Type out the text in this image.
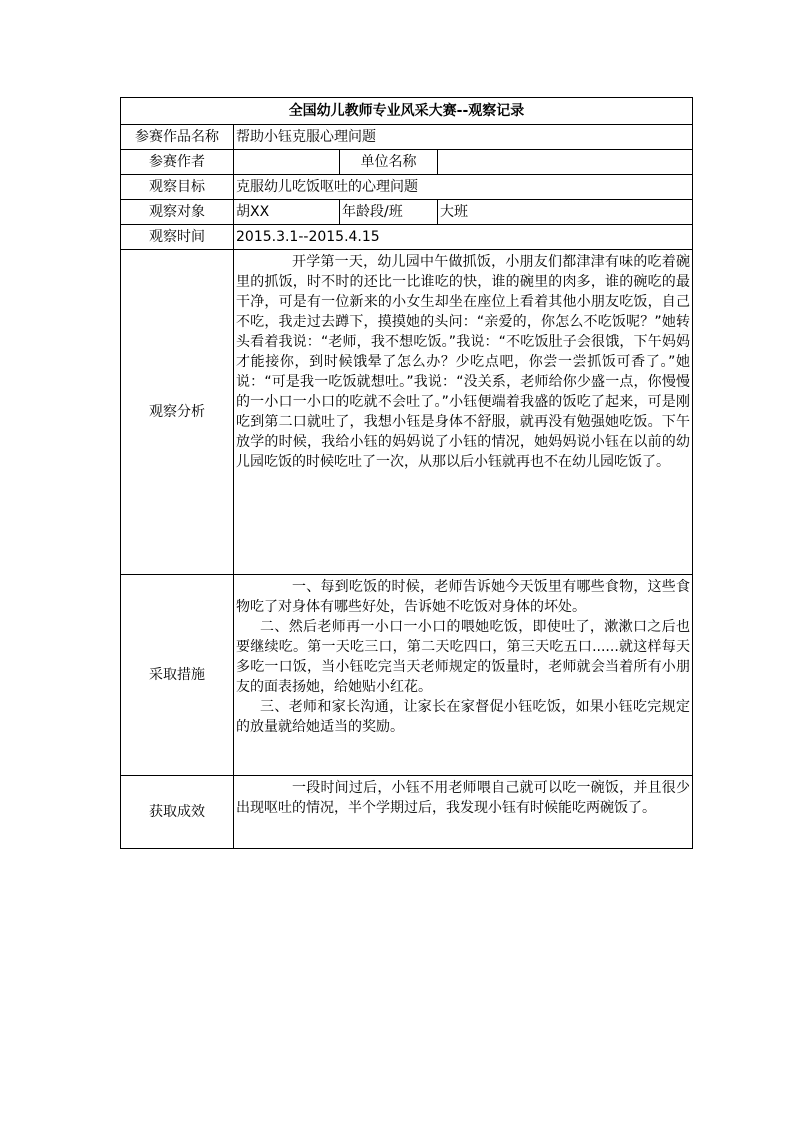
全国幼儿教师专业风采大赛--观察记录			
参赛作品名称	帮助小钰克服心理问题		
参赛作者		单位名称	
观察目标	克服幼儿吃饭呕吐的心理问题		
观察对象	胡XX	年龄段/班	大班
观察时间	2015.3.1--2015.4.15		
观察分析	开学第一天，幼儿园中午做抓饭，小朋友们都津津有味的吃着碗里的抓饭，时不时的还比一比谁吃的快，谁的碗里的肉多，谁的碗吃的最干净，可是有一位新来的小女生却坐在座位上看着其他小朋友吃饭，自己不吃，我走过去蹲下，摸摸她的头问：“亲爱的，你怎么不吃饭呢？”她转头看着我说：“老师，我不想吃饭。”我说：“不吃饭肚子会很饿，下午妈妈才能接你，到时候饿晕了怎么办？少吃点吧，你尝一尝抓饭可香了。”她说：“可是我一吃饭就想吐。”我说：“没关系，老师给你少盛一点，你慢慢的一小口一小口的吃就不会吐了。”小钰便端着我盛的饭吃了起来，可是刚吃到第二口就吐了，我想小钰是身体不舒服，就再没有勉强她吃饭。下午放学的时候，我给小钰的妈妈说了小钰的情况，她妈妈说小钰在以前的幼儿园吃饭的时候吃吐了一次，从那以后小钰就再也不在幼儿园吃饭了。		

采取措施	一、每到吃饭的时候，老师告诉她今天饭里有哪些食物，这些食物吃了对身体有哪些好处，告诉她不吃饭对身体的坏处。

二、然后老师再一小口一小口的喂她吃饭，即使吐了，漱漱口之后也要继续吃。第一天吃三口，第二天吃四口，第三天吃五口......就这样每天多吃一口饭，当小钰吃完当天老师规定的饭量时，老师就会当着所有小朋友的面表扬她，给她贴小红花。

三、老师和家长沟通，让家长在家督促小钰吃饭，如果小钰吃完规定的放量就给她适当的奖励。		

获取成效	一段时间过后，小钰不用老师喂自己就可以吃一碗饭，并且很少出现呕吐的情况，半个学期过后，我发现小钰有时候能吃两碗饭了。		
